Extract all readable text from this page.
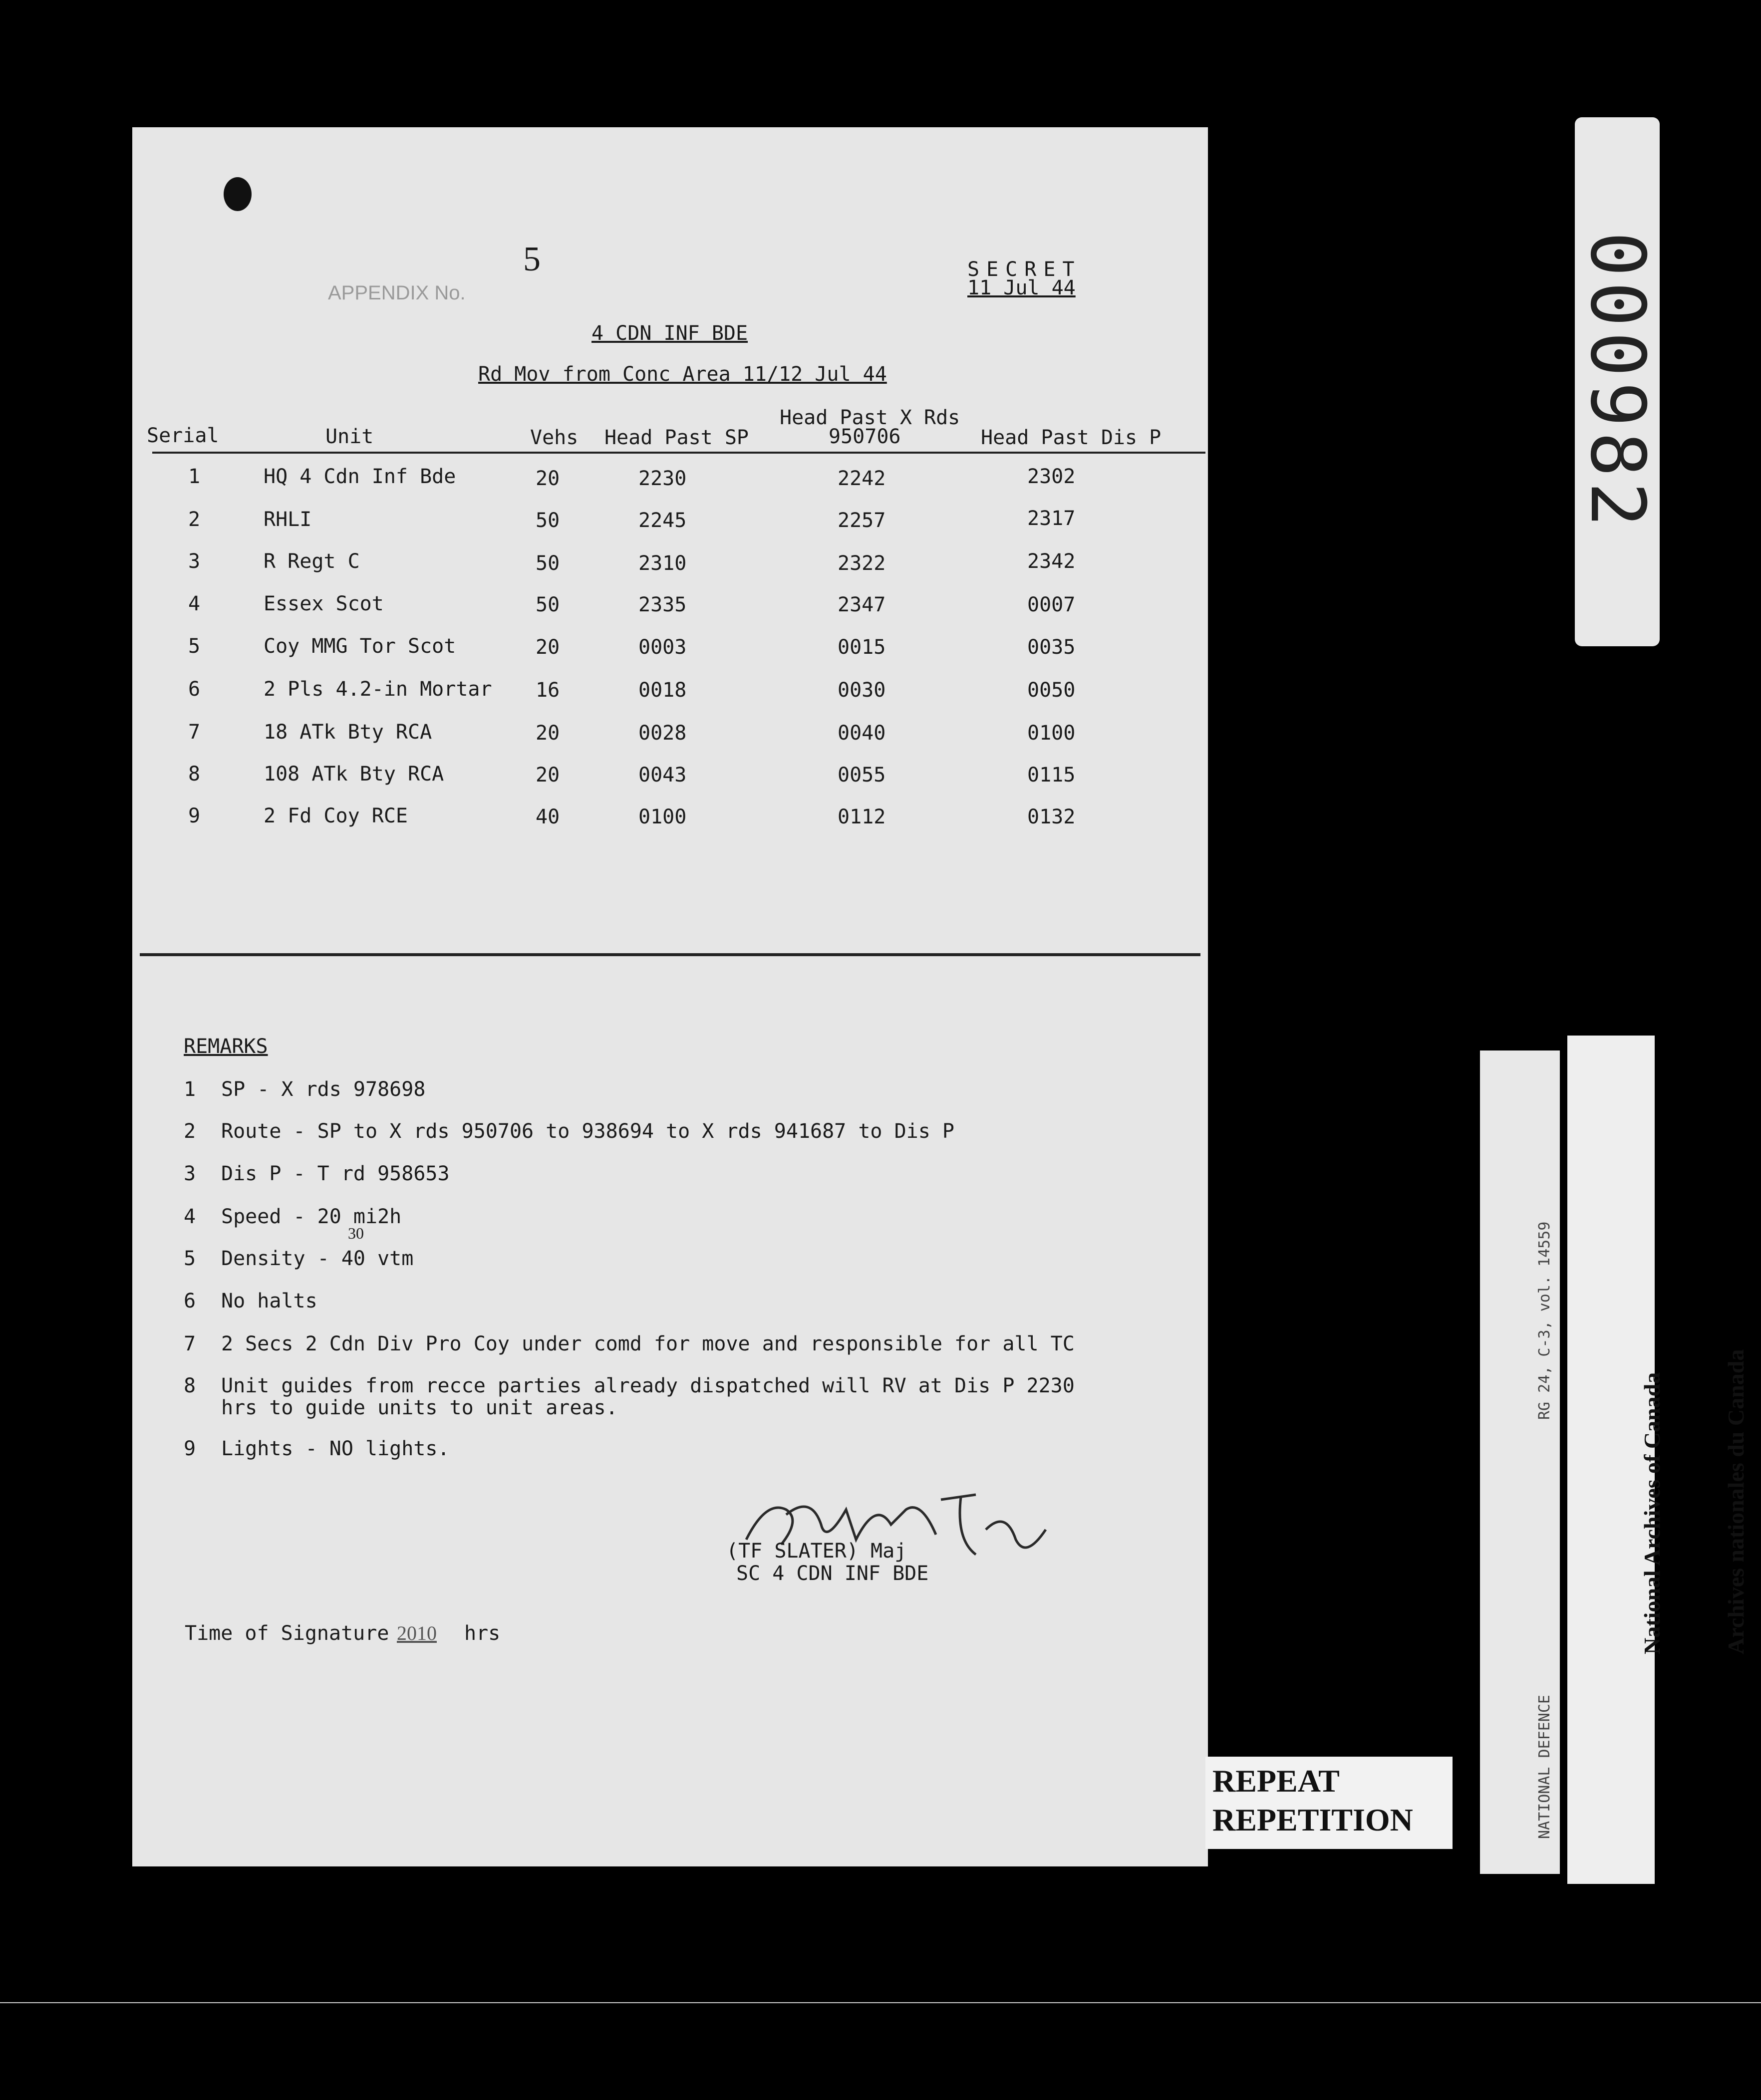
APPENDIX No.
5	SECRET
11 Jul 44
4 CDN INF BDE
Rd Mov from Conc Area 11/12 Jul 44
Head Past X Rds
Serial	Unit	Vehs Head Past SP	950706	Head Past Dis P
1	HQ 4 Cdn Inf Bde	20	2230	2242	2302
2	RHLI	50	2245	2257	2317
3	R Regt C	50	2310	2322	2342
4	Essex Scot	50	2335	2347	0007
5	Coy MMG Tor Scot	20	0003	0015	0035
6	2 Pls 4.2-in Mortar 16	0018	0030	0050
7	18 ATk Bty RCA	20	0028	0040	0100
8	108 ATk Bty RCA	20	0043	0055	0115
9	2 Fd Coy RCE	40	0100	0112	0132
REMARKS
1 SP - X rds 978698
2 Route - SP to X rds 950706 to 938694 to X rds 941687 to Dis P
3 Dis P - T rd 958653
4 Speed - 20 mi2h
5 Density - 40 vtm
30
6 No halts
7 2 Secs 2 Cdn Div Pro Coy under comd for move and responsible for all TC
8 Unit guides from recce parties already dispatched will RV at Dis P 2230
hrs to guide units to unit areas.
9 Lights - NO lights.
(TF SLATER) Maj
SC 4 CDN INF BDE
Time of Signature 2010 hrs
000982

RG 24, C-3, vol. 14559

NATIONAL DEFENCE

National Archives of Canada

	Archives nationales du Canada

REPEAT
REPETITION
